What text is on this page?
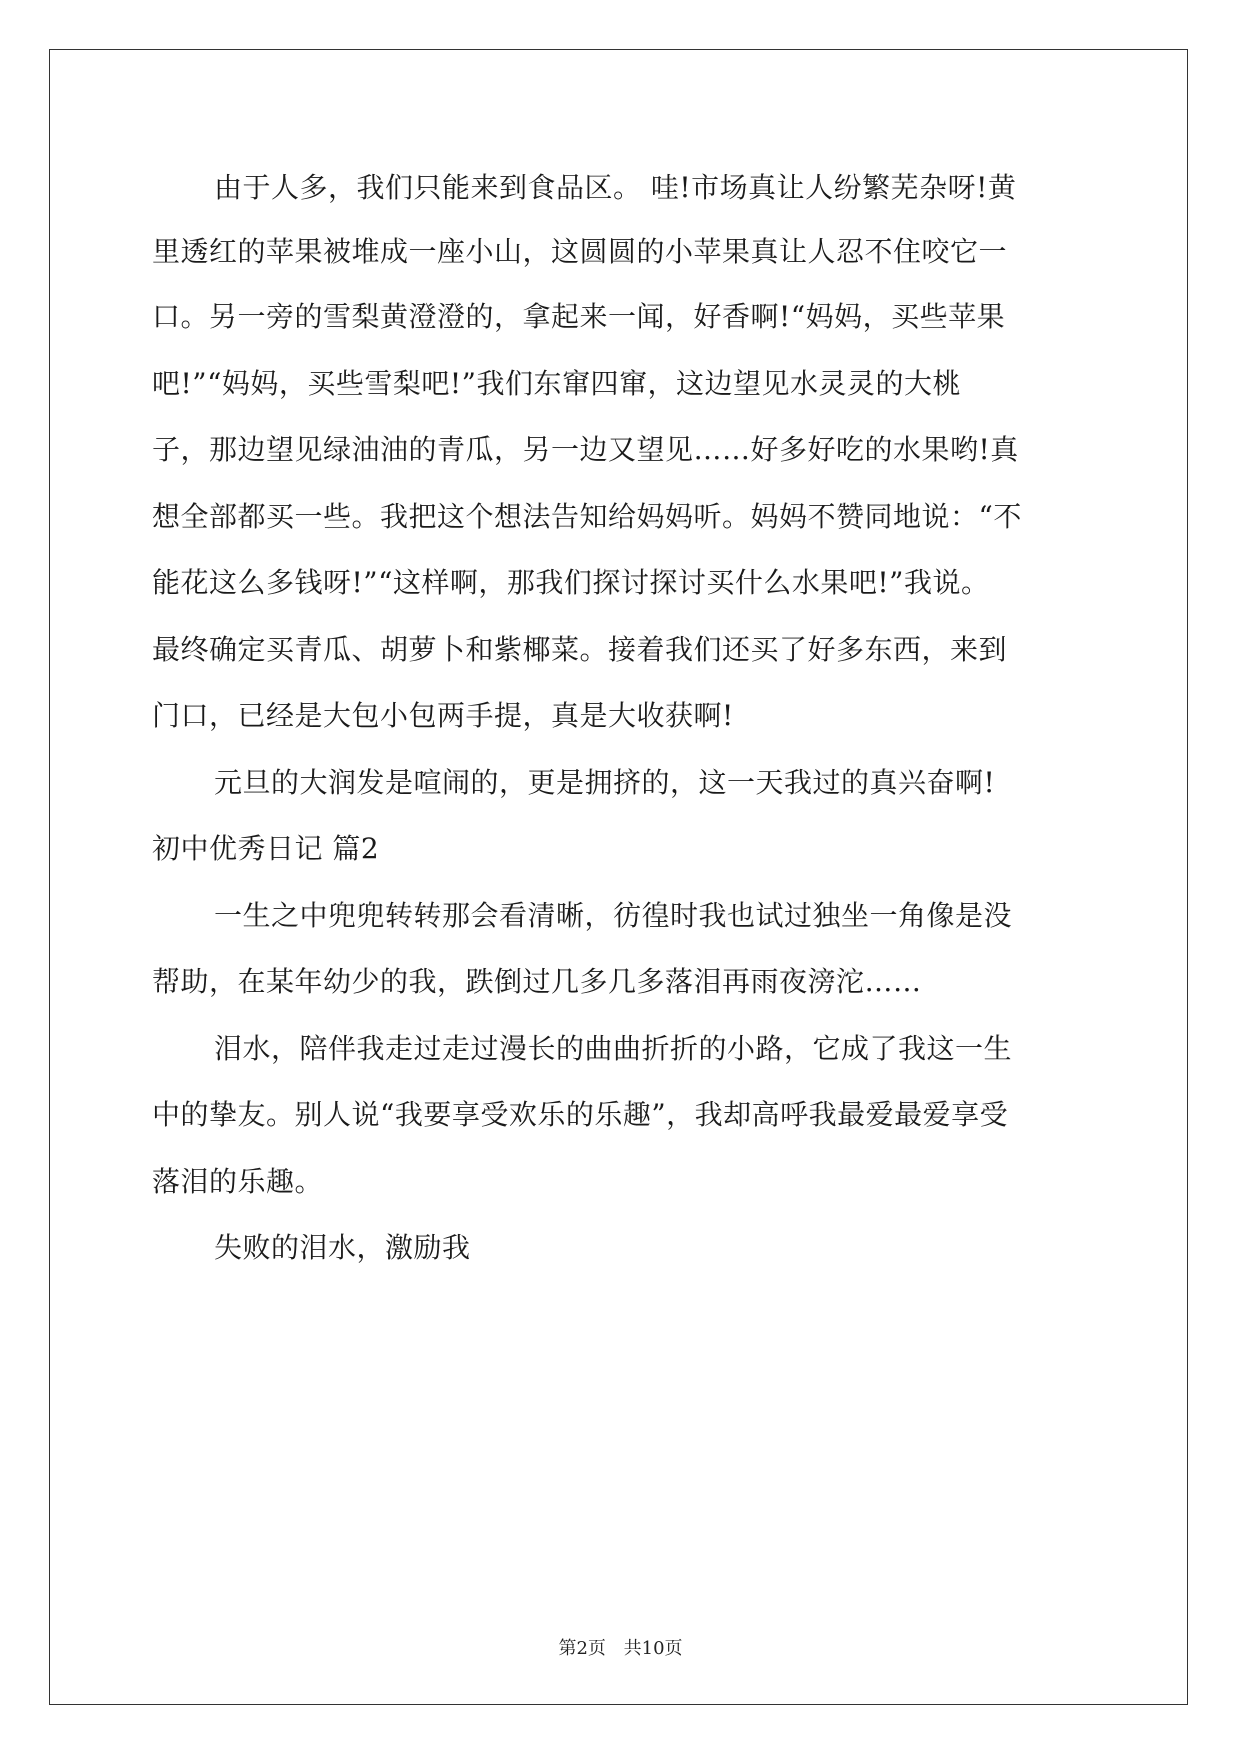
由于人多，我们只能来到食品区。 哇!市场真让人纷繁芜杂呀!黄
里透红的苹果被堆成一座小山，这圆圆的小苹果真让人忍不住咬它一
口。另一旁的雪梨黄澄澄的，拿起来一闻，好香啊!“妈妈，买些苹果
吧!”“妈妈，买些雪梨吧!”我们东窜四窜，这边望见水灵灵的大桃
子，那边望见绿油油的青瓜，另一边又望见……好多好吃的水果哟!真
想全部都买一些。我把这个想法告知给妈妈听。妈妈不赞同地说：“不
能花这么多钱呀!”“这样啊，那我们探讨探讨买什么水果吧!”我说。
最终确定买青瓜、胡萝卜和紫椰菜。接着我们还买了好多东西，来到
门口，已经是大包小包两手提，真是大收获啊!
元旦的大润发是喧闹的，更是拥挤的，这一天我过的真兴奋啊!
初中优秀日记 篇2
一生之中兜兜转转那会看清晰，彷徨时我也试过独坐一角像是没
帮助，在某年幼少的我，跌倒过几多几多落泪再雨夜滂沱……
泪水，陪伴我走过走过漫长的曲曲折折的小路，它成了我这一生
中的挚友。别人说“我要享受欢乐的乐趣”，我却高呼我最爱最爱享受
落泪的乐趣。
失败的泪水，激励我
第2页 共10页
